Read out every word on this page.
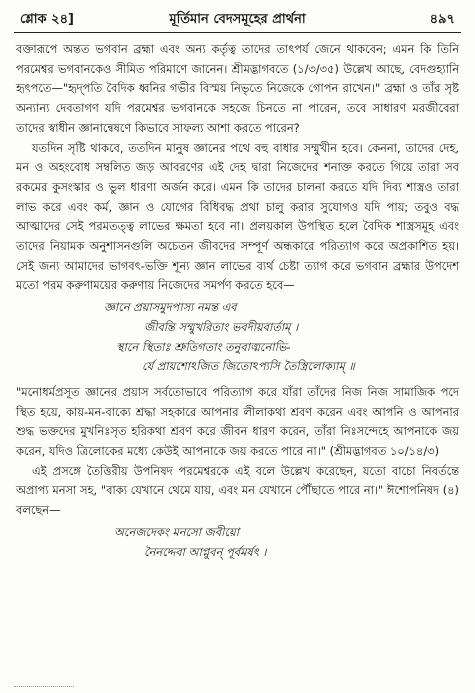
শ্লোক ২৪]	মূর্তিমান বেদসমূহের প্রার্থনা	৪৯৭

বক্তারূপে অন্তত ভগবান ব্রহ্মা এবং অন্য কর্তৃত্ব তাদের তাৎপর্য জেনে থাকবেন; এমন কি তিনি পরমেশ্বর ভগবানকেও সীমিত পরিমাণে জানেন। শ্রীমদ্ভাগবতে (১/৩/৩৫) উল্লেখ আছে, বেদগুহ্যানি হৃৎপতে—"হৃদ্পতি বৈদিক ধ্বনির গভীর বিস্ময় নিভৃতে নিজেকে গোপন রাখেন।" ব্রহ্মা ও তাঁর সৃষ্ট অন্যান্য দেবতাগণ যদি পরমেশ্বর ভগবানকে সহজে চিনতে না পারেন, তবে সাধারণ মরজীবেরা তাদের স্বাধীন জ্ঞানান্বেষণে কিভাবে সাফল্য আশা করতে পারেন?

যতদিন সৃষ্টি থাকবে, ততদিন মানুষ জ্ঞানের পথে বহু বাধার সম্মুখীন হবে। কেননা, তাদের দেহ, মন ও অহংবোধ সম্বলিত জড় আবরণের এই দেহ দ্বারা নিজেদের শনাক্ত করতে গিয়ে তারা সব রকমের কুসংস্কার ও ভুল ধারণা অর্জন করে। এমন কি তাদের চালনা করতে যদি দিব্য শাস্ত্রও তারা লাভ করে এবং কর্ম, জ্ঞান ও যোগের বিধিবদ্ধ প্রথা চালু করার সুযোগও যদি পায়; তবুও বদ্ধ আত্মাদের সেই পরমতত্ত্ব লাভের ক্ষমতা হবে না। প্রলয়কাল উপস্থিত হলে বৈদিক শাস্ত্রসমূহ এবং তাদের নিয়ামক অনুশাসনগুলি অচেতন জীবদের সম্পূর্ণ অন্ধকারে পরিত্যাগ করে অপ্রকাশিত হয়। সেই জন্য আমাদের ভাগবৎ-ভক্তি শূন্য জ্ঞান লাভের ব্যর্থ চেষ্টা ত্যাগ করে ভগবান ব্রহ্মার উপদেশ মতো পরম করুণাময়ের করুণায় নিজেদের সমর্পণ করতে হবে—

জ্ঞানে প্রয়াসমুদপাস্য নমন্ত এব
জীবন্তি সম্মুখরিতাং ভবদীয়বার্তাম্ ।
স্থানে স্থিতাঃ শ্রুতিগতাং তনুবাঙ্মনোভি-
র্যে প্রায়শোঽজিত জিতোঽপ্যসি তৈস্ত্রিলোক্যাম্ ॥

"মনোধর্মপ্রসূত জ্ঞানের প্রয়াস সর্বতোভাবে পরিত্যাগ করে যাঁরা তাঁদের নিজ নিজ সামাজিক পদে স্থিত হয়ে, কায়-মন-বাক্যে শ্রদ্ধা সহকারে আপনার লীলাকথা শ্রবণ করেন এবং আপনি ও আপনার শুদ্ধ ভক্তদের মুখনিঃসৃত হরিকথা শ্রবণ করে জীবন ধারণ করেন, তাঁরা নিঃসন্দেহে আপনাকে জয় করেন, যদিও ত্রিলোকের মধ্যে কেউই আপনাকে জয় করতে পারে না।" (শ্রীমদ্ভাগবত ১০/১৪/৩)

এই প্রসঙ্গে তৈত্তিরীয় উপনিষদ পরমেশ্বরকে এই বলে উল্লেখ করেছেন, যতো বাচো নিবর্তন্তে অপ্রাপ্য মনসা সহ, "বাক্য যেখানে থেমে যায়, এবং মন যেখানে পৌঁছাতে পারে না।" ঈশোপনিষদ (৪) বলছেন—

অনেজদেকং মনসো জবীয়ো
নৈনদ্দেবা আপ্নুবন্ পূর্বমর্ষৎ ।
